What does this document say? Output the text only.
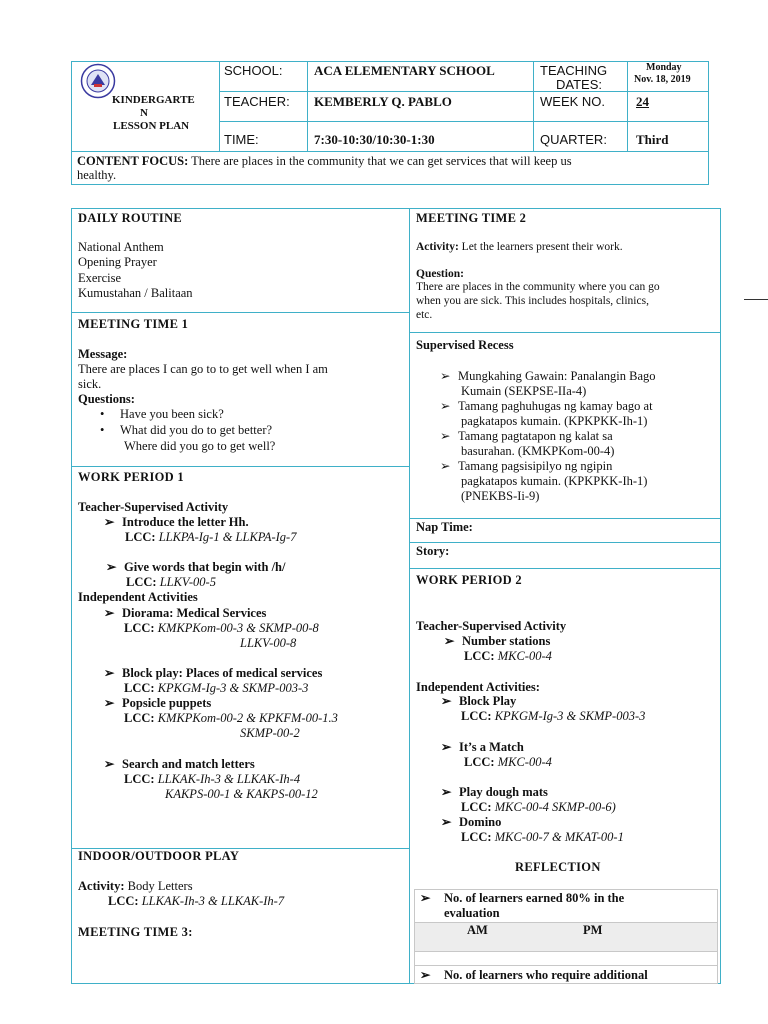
KINDERGARTE
N
LESSON PLAN
SCHOOL: ACA ELEMENTARY SCHOOL
TEACHER: KEMBERLY Q. PABLO
TIME:	7:30-10:30/10:30-1:30
TEACHING
DATES:
Monday
Nov. 18, 2019
WEEK NO. 24
QUARTER: Third
CONTENT FOCUS: There are places in the community that we can get services that will keep us
healthy.
DAILY ROUTINE
National Anthem
Opening Prayer
Exercise
Kumustahan / Balitaan
MEETING TIME 1
Message:
There are places I can go to to get well when I am
sick.
Questions:
• Have you been sick?
• What did you do to get better?
Where did you go to get well?
WORK PERIOD 1
Teacher-Supervised Activity
➢ Introduce the letter Hh.
LCC: LLKPA-Ig-1 & LLKPA-Ig-7
➢ Give words that begin with /h/
LCC: LLKV-00-5
Independent Activities
➢ Diorama: Medical Services
LCC: KMKPKom-00-3 & SKMP-00-8
LLKV-00-8
➢ Block play: Places of medical services
LCC: KPKGM-Ig-3 & SKMP-003-3
➢ Popsicle puppets
LCC: KMKPKom-00-2 & KPKFM-00-1.3
SKMP-00-2
➢ Search and match letters
LCC: LLKAK-Ih-3 & LLKAK-Ih-4
KAKPS-00-1 & KAKPS-00-12
INDOOR/OUTDOOR PLAY
Activity: Body Letters
LCC: LLKAK-Ih-3 & LLKAK-Ih-7
MEETING TIME 3:
MEETING TIME 2
Activity: Let the learners present their work.
Question:
There are places in the community where you can go
when you are sick. This includes hospitals, clinics,
etc.
Supervised Recess
➢ Mungkahing Gawain: Panalangin Bago
Kumain (SEKPSE-IIa-4)
➢ Tamang paghuhugas ng kamay bago at
pagkatapos kumain. (KPKPKK-Ih-1)
➢ Tamang pagtatapon ng kalat sa
basurahan. (KMKPKom-00-4)
➢ Tamang pagsisipilyo ng ngipin
pagkatapos kumain. (KPKPKK-Ih-1)
(PNEKBS-Ii-9)
Nap Time:
Story:
WORK PERIOD 2
Teacher-Supervised Activity
➢ Number stations
LCC: MKC-00-4
Independent Activities:
➢ Block Play
LCC: KPKGM-Ig-3 & SKMP-003-3
➢ It’s a Match
LCC: MKC-00-4
➢ Play dough mats
LCC: MKC-00-4 SKMP-00-6)
➢ Domino
LCC: MKC-00-7 & MKAT-00-1
REFLECTION
➢ No. of learners earned 80% in the
evaluation
AM	PM
➢ No. of learners who require additional
